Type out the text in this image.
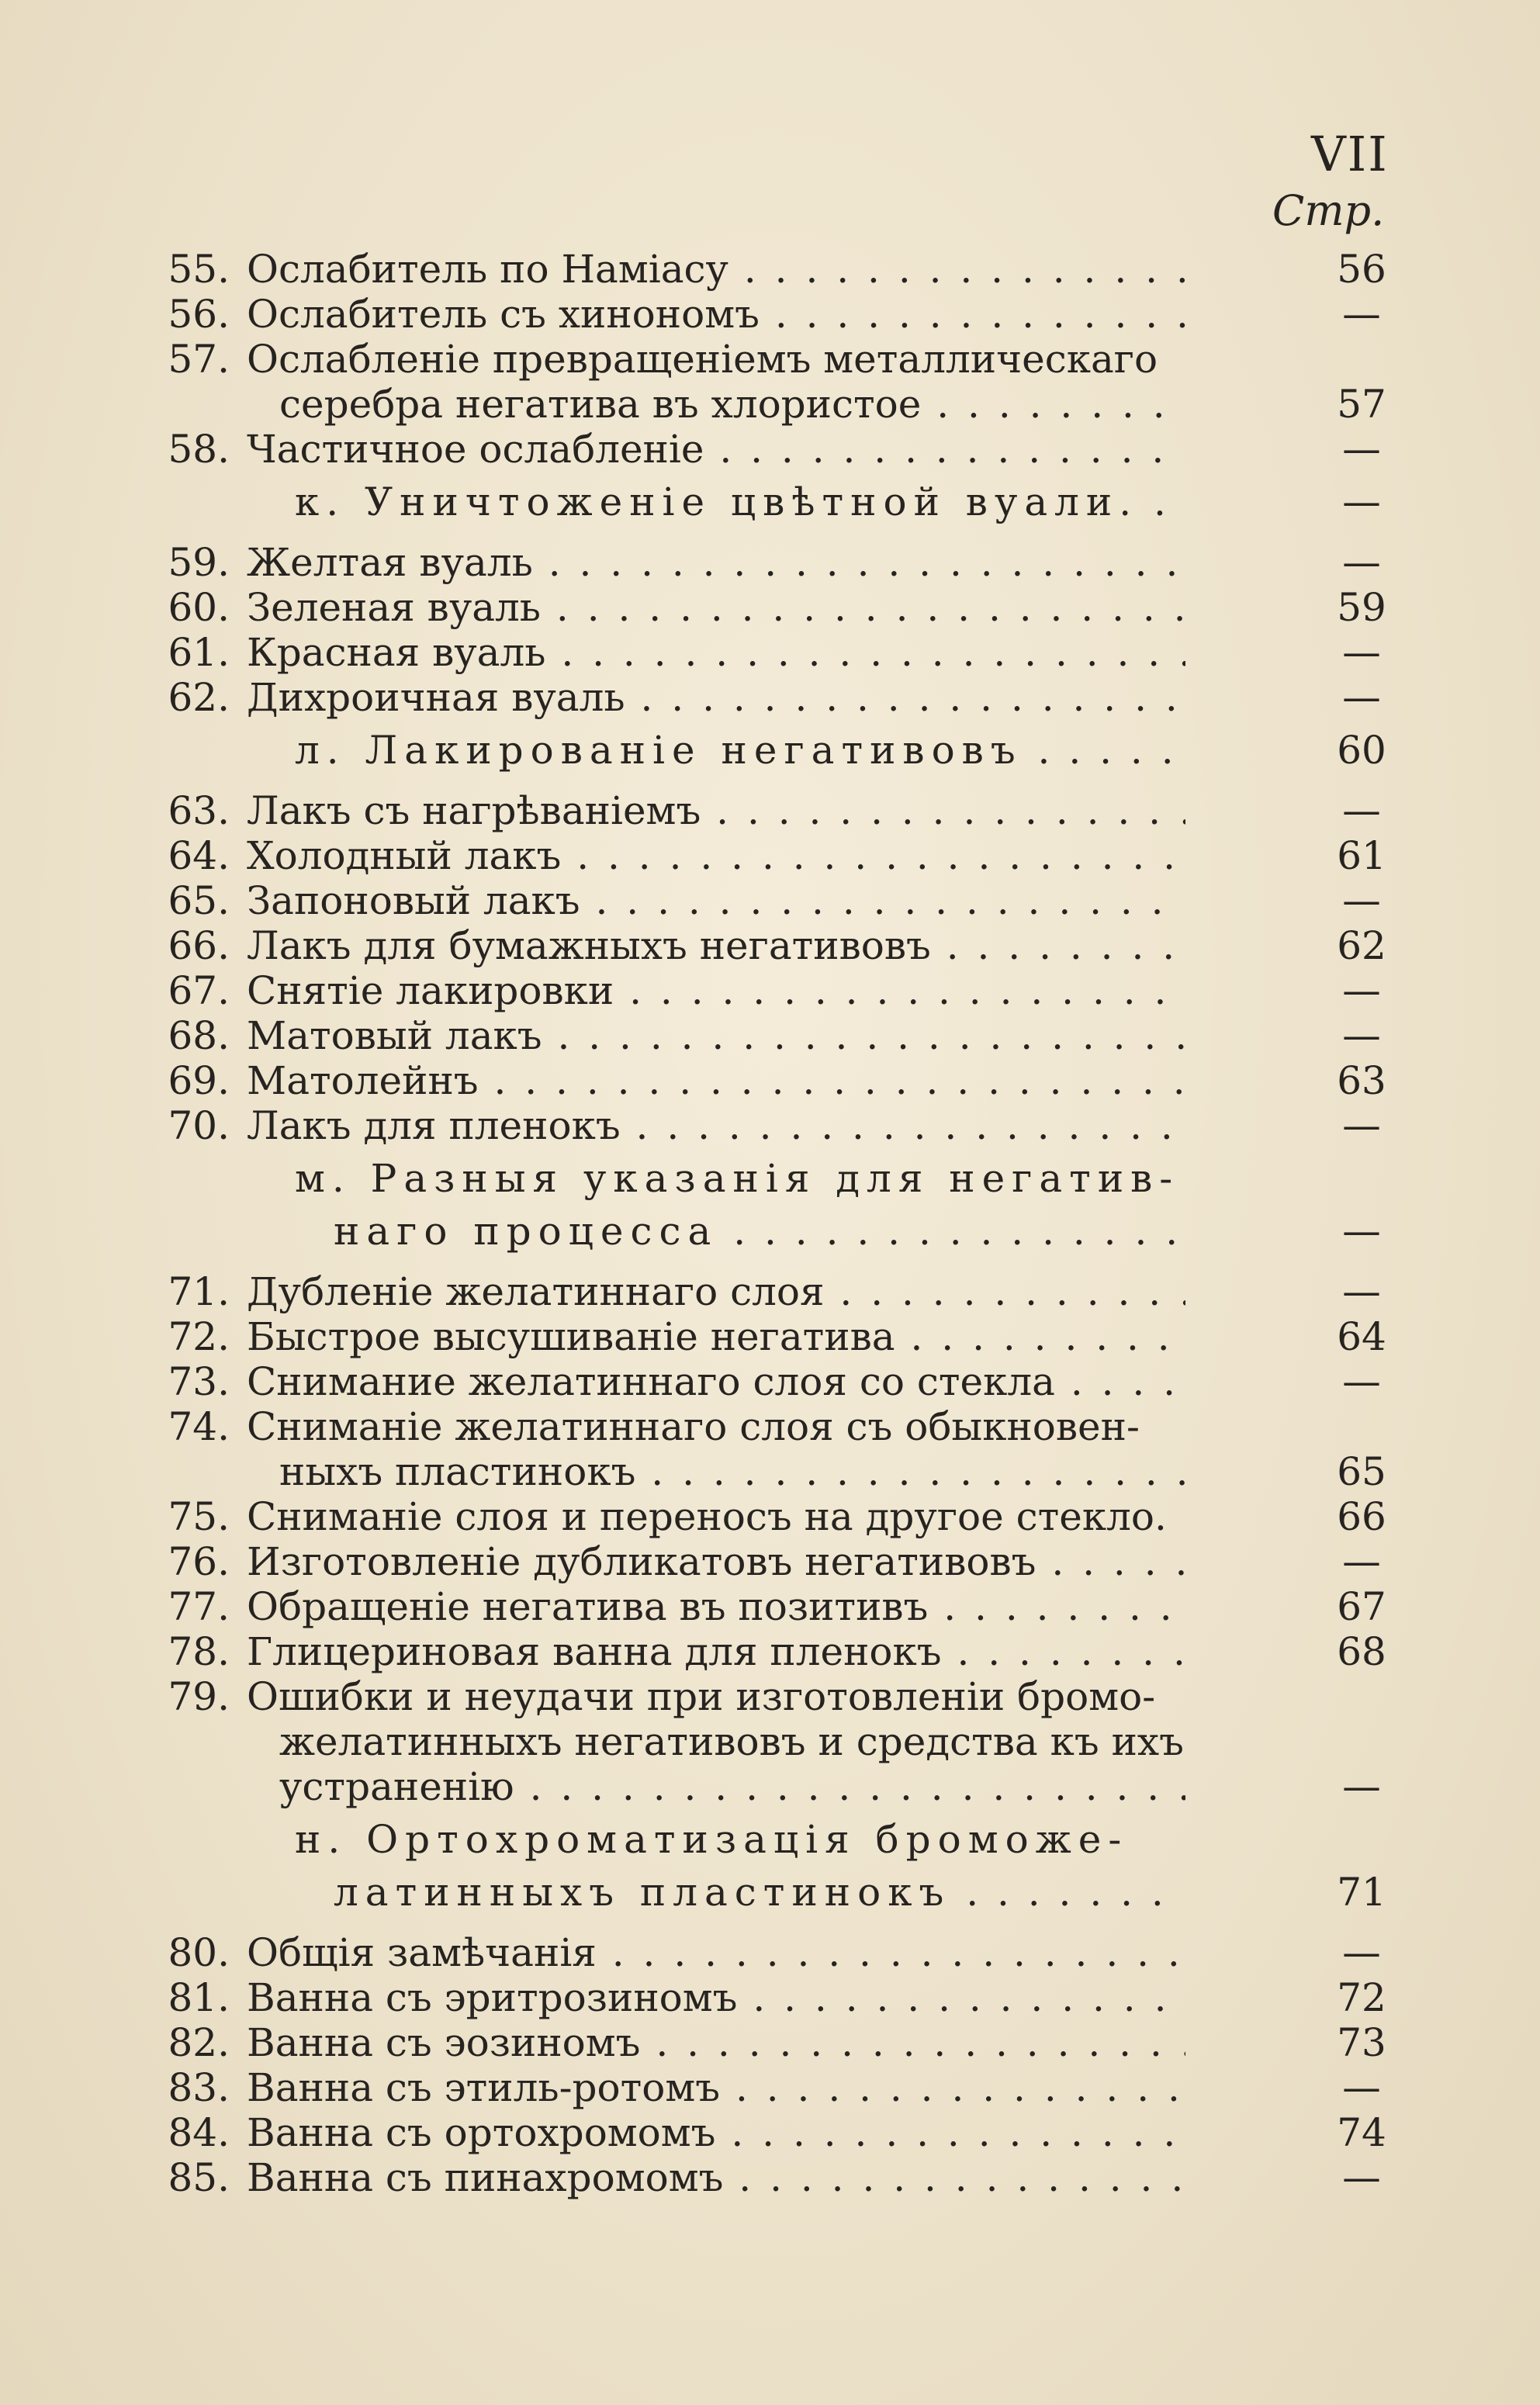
VII
Стр.
55. Ослабитель по Намiасу . . .	56
56. Ослабитель съ хинономъ . . .	—
57. Ослабленiе превращенiемъ металлическаго
серебра негатива въ хлористое . . .	57
58. Частичное ослабленiе . . .	—
к. Уничтоженiе цвѣтной вуали. . . .	—
59. Желтая вуаль . . .	—
60. Зеленая вуаль . . .	59
61. Красная вуаль . . .	—
62. Дихроичная вуаль . . .	—
л. Лакированiе негативовъ . . .	60
63. Лакъ съ нагрѣванiемъ . . .	—
64. Холодный лакъ . . .	61
65. Запоновый лакъ . . .	—
66. Лакъ для бумажныхъ негативовъ . . .	62
67. Снятiе лакировки . . .	—
68. Матовый лакъ . . .	—
69. Матолейнъ . . .	63
70. Лакъ для пленокъ . . .	—
м. Разныя указанiя для негатив-
наго процесса . . .	—
71. Дубленiе желатиннаго слоя . . .	—
72. Быстрое высушиванiе негатива . . .	64
73. Снимание желатиннаго слоя со стекла . . .	—
74. Сниманiе желатиннаго слоя съ обыкновен-
ныхъ пластинокъ . . .	65
75. Сниманiе слоя и переносъ на другое стекло.	66
76. Изготовленiе дубликатовъ негативовъ . . .	—
77. Обращенiе негатива въ позитивъ . . .	67
78. Глицериновая ванна для пленокъ . . .	68
79. Ошибки и неудачи при изготовленiи бромо-
желатинныхъ негативовъ и средства къ ихъ
устраненiю . . .	—
н. Ортохроматизацiя броможе-
латинныхъ пластинокъ . . .	71
80. Общiя замѣчанiя . . .	—
81. Ванна съ эритрозиномъ . . .	72
82. Ванна съ эозиномъ . . .	73
83. Ванна съ этиль-ротомъ . . .	—
84. Ванна съ ортохромомъ . . .	74
85. Ванна съ пинахромомъ . . .	—
